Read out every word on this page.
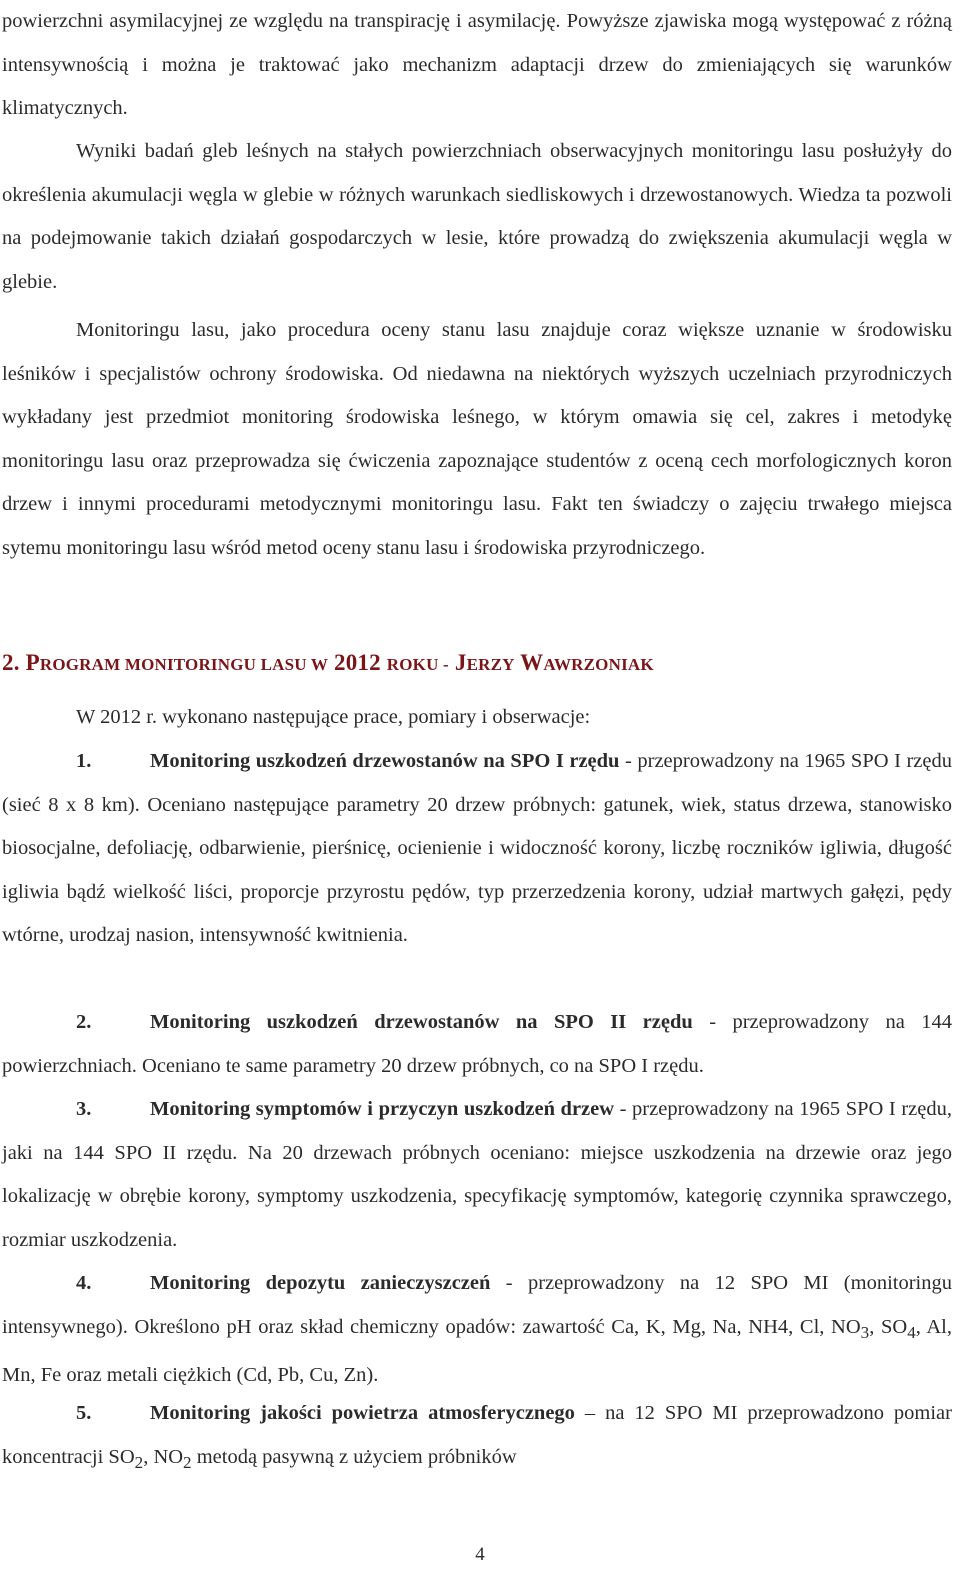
powierzchni asymilacyjnej ze względu na transpirację i asymilację. Powyższe zjawiska mogą występować z różną intensywnością i można je traktować jako mechanizm adaptacji drzew do zmieniających się warunków klimatycznych.

Wyniki badań gleb leśnych na stałych powierzchniach obserwacyjnych monitoringu lasu posłużyły do określenia akumulacji węgla w glebie w różnych warunkach siedliskowych i drzewostanowych. Wiedza ta pozwoli na podejmowanie takich działań gospodarczych w lesie, które prowadzą do zwiększenia akumulacji węgla w glebie.

Monitoringu lasu, jako procedura oceny stanu lasu znajduje coraz większe uznanie w środowisku leśników i specjalistów ochrony środowiska. Od niedawna na niektórych wyższych uczelniach przyrodniczych wykładany jest przedmiot monitoring środowiska leśnego, w którym omawia się cel, zakres i metodykę monitoringu lasu oraz przeprowadza się ćwiczenia zapoznające studentów z oceną cech morfologicznych koron drzew i innymi procedurami metodycznymi monitoringu lasu. Fakt ten świadczy o zajęciu trwałego miejsca sytemu monitoringu lasu wśród metod oceny stanu lasu i środowiska przyrodniczego.

2. PROGRAM MONITORINGU LASU W 2012 ROKU - JERZY WAWRZONIAK

W 2012 r. wykonano następujące prace, pomiary i obserwacje:

1.	Monitoring uszkodzeń drzewostanów na SPO I rzędu - przeprowadzony na 1965 SPO I rzędu (sieć 8 x 8 km). Oceniano następujące parametry 20 drzew próbnych: gatunek, wiek, status drzewa, stanowisko biosocjalne, defoliację, odbarwienie, pierśnicę, ocienienie i widoczność korony, liczbę roczników igliwia, długość igliwia bądź wielkość liści, proporcje przyrostu pędów, typ przerzedzenia korony, udział martwych gałęzi, pędy wtórne, urodzaj nasion, intensywność kwitnienia.

2.	Monitoring uszkodzeń drzewostanów na SPO II rzędu - przeprowadzony na 144 powierzchniach. Oceniano te same parametry 20 drzew próbnych, co na SPO I rzędu.

3.	Monitoring symptomów i przyczyn uszkodzeń drzew - przeprowadzony na 1965 SPO I rzędu, jaki na 144 SPO II rzędu. Na 20 drzewach próbnych oceniano: miejsce uszkodzenia na drzewie oraz jego lokalizację w obrębie korony, symptomy uszkodzenia, specyfikację symptomów, kategorię czynnika sprawczego, rozmiar uszkodzenia.

4.	Monitoring depozytu zanieczyszczeń - przeprowadzony na 12 SPO MI (monitoringu intensywnego). Określono pH oraz skład chemiczny opadów: zawartość Ca, K, Mg, Na, NH4, Cl, $NO_3$, $SO_4$, Al, Mn, Fe oraz metali ciężkich (Cd, Pb, Cu, Zn).

5.	Monitoring jakości powietrza atmosferycznego – na 12 SPO MI przeprowadzono pomiar koncentracji $SO_2$, $NO_2$ metodą pasywną z użyciem próbników

4
